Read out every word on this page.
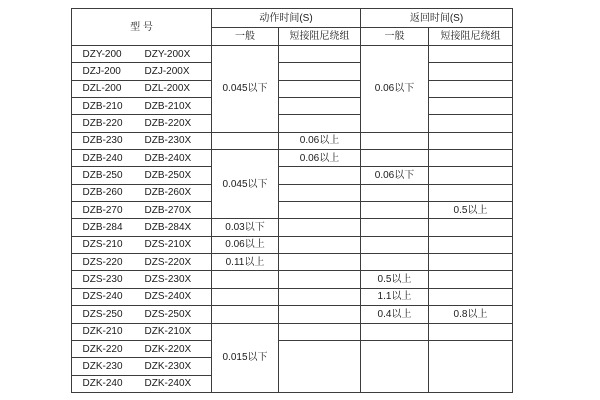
型 号	动作时间(S)		返回时间(S)	
	一般	短接阻尼绕组	一般	短接阻尼绕组

DZY-200 DZY-200X	0.045以下		0.06以下	

DZJ-200 DZJ-200X				

DZL-200 DZL-200X				

DZB-210 DZB-210X				

DZB-220 DZB-220X				

DZB-230 DZB-230X		0.06以上		

DZB-240 DZB-240X	0.045以下	0.06以上		

DZB-250 DZB-250X			0.06以下	

DZB-260 DZB-260X				

DZB-270 DZB-270X				0.5以上

DZB-284 DZB-284X	0.03以下			

DZS-210 DZS-210X	0.06以上			

DZS-220 DZS-220X	0.11以上			

DZS-230 DZS-230X			0.5以上	

DZS-240 DZS-240X			1.1以上	

DZS-250 DZS-250X			0.4以上	0.8以上

DZK-210 DZK-210X	0.015以下			

DZK-220 DZK-220X				

DZK-230 DZK-230X				

DZK-240 DZK-240X				
